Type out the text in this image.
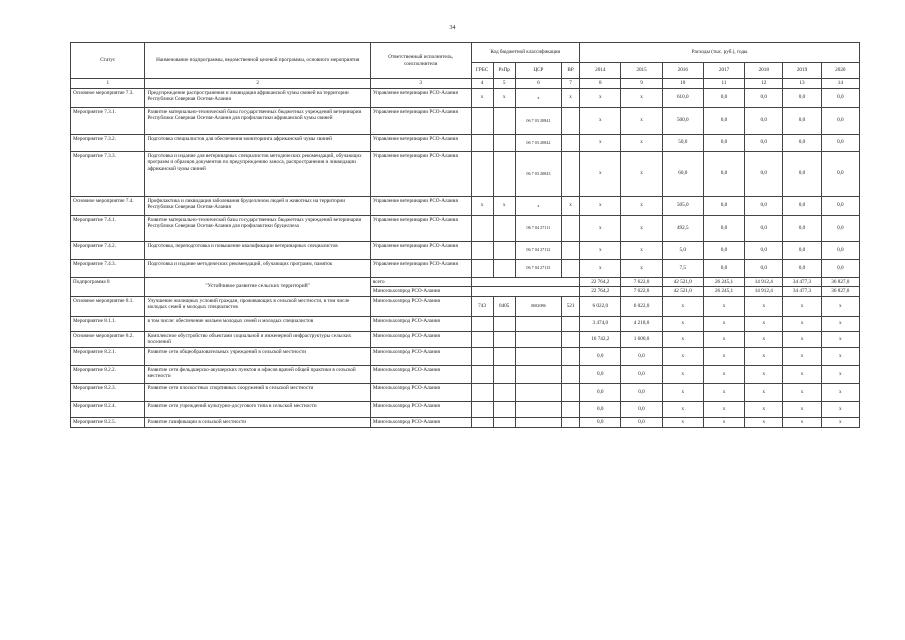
34
Статус	Наименование подпрограммы, ведомственной целевой программы, основного мероприятия	Ответственный исполнитель, соисполнители	Код бюджетной классификации				Расходы (тыс. руб.), годы						
			ГРБС	РзПр	ЦСР	ВР	2014	2015	2016	2017	2018	2019	2020
1	2	3	4	5	6	7	8	9	10	11	12	13	14
Основное мероприятие 7.3.	Предупреждение распространения и ликвидация африканской чумы свиней на территории Республики Северная Осетия-Алания	Управление ветеринарии РСО-Алания	х	х	х	х	х	х	610,0	0,0	0,0	0,0	0,0
Мероприятие 7.3.1.	Развитие материально-технической базы государственных бюджетных учреждений ветеринарии Республики Северная Осетия-Алания для профилактики африканской чумы свиней	Управление ветеринарии РСО-Алания			06 7 03 20841		х	х	500,0	0,0	0,0	0,0	0,0
Мероприятие 7.3.2.	Подготовка специалистов для обеспечения мониторинга африканской чумы свиней	Управление ветеринарии РСО-Алания			06 7 03 20842		х	х	50,0	0,0	0,0	0,0	0,0
Мероприятие 7.3.3.	Подготовка и издание для ветеринарных специалистов методических рекомендаций, обучающих программ и образцов документов по предупреждению заноса, распространения и ликвидации африканской чумы свиней	Управление ветеринарии РСО-Алания			06 7 03 20843		х	х	60,0	0,0	0,0	0,0	0,0
Основное мероприятие 7.4.	Профилактика и ликвидация заболевания бруцеллезом людей и животных на территории Республики Северная Осетия-Алания	Управление ветеринарии РСО-Алания	х	х	х	х	х	х	505,0	0,0	0,0	0,0	0,0
Мероприятие 7.4.1.	Развитие материально-технической базы государственных бюджетных учреждений ветеринарии Республики Северная Осетия-Алания для профилактики бруцеллеза	Управление ветеринарии РСО-Алания			06 7 04 27111		х	х	492,5	0,0	0,0	0,0	0,0
Мероприятие 7.4.2.	Подготовка, переподготовка и повышение квалификации ветеринарных специалистов	Управление ветеринарии РСО-Алания			06 7 04 27112		х	х	5,0	0,0	0,0	0,0	0,0
Мероприятие 7.4.3.	Подготовка и издание методических рекомендаций, обучающих программ, памяток	Управление ветеринарии РСО-Алания			06 7 04 27113		х	х	7,5	0,0	0,0	0,0	0,0
Подпрограмма 8	"Устойчивое развитие сельских территорий"	всего					22 764,2	7 622,0	42 521,0	26 245,1	14 912,4	34 477,3	36 827,0
		Минсельхозпрод РСО-Алания					22 764,2	7 622,0	42 521,0	26 245,1	14 912,4	34 477,3	36 827,0
Основное мероприятие 8.1.	Улучшение жилищных условий граждан, проживающих в сельской местности, в том числе молодых семей и молодых специалистов	Минсельхозпрод РСО-Алания	743	0405	0682086	521	6 022,0	6 022,0	х	х	х	х	х
Мероприятие 8.1.1.	в том числе: обеспечение жильем молодых семей и молодых специалистов	Минсельхозпрод РСО-Алания					3 474,0	4 218,0	х	х	х	х	х
Основное мероприятие 8.2.	Комплексное обустройство объектами социальной и инженерной инфраструктуры сельских поселений	Минсельхозпрод РСО-Алания					16 742,2	1 600,0	х	х	х	х	х
Мероприятие 8.2.1.	Развитие сети общеобразовательных учреждений в сельской местности	Минсельхозпрод РСО-Алания					0,0	0,0	х	х	х	х	х
Мероприятие 8.2.2.	Развитие сети фельдшерско-акушерских пунктов и офисов врачей общей практики в сельской местности	Минсельхозпрод РСО-Алания					0,0	0,0	х	х	х	х	х
Мероприятие 8.2.3.	Развитие сети плоскостных спортивных сооружений в сельской местности	Минсельхозпрод РСО-Алания					0,0	0,0	х	х	х	х	х
Мероприятие 8.2.4.	Развитие сети учреждений культурно-досугового типа в сельской местности	Минсельхозпрод РСО-Алания					0,0	0,0	х	х	х	х	х
Мероприятие 8.2.5.	Развитие газификации в сельской местности	Минсельхозпрод РСО-Алания					0,0	0,0	х	х	х	х	х
